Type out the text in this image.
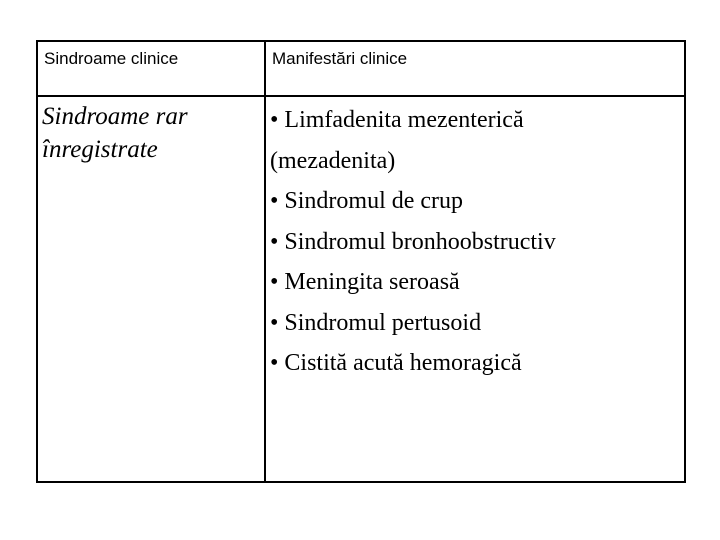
Sindroame clinice	Manifestări clinice
Sindroame rar
înregistrate
• Limfadenita mezenterică
(mezadenita)
• Sindromul de crup
• Sindromul bronhoobstructiv
• Meningita seroasă
• Sindromul pertusoid
• Cistită acută hemoragică
